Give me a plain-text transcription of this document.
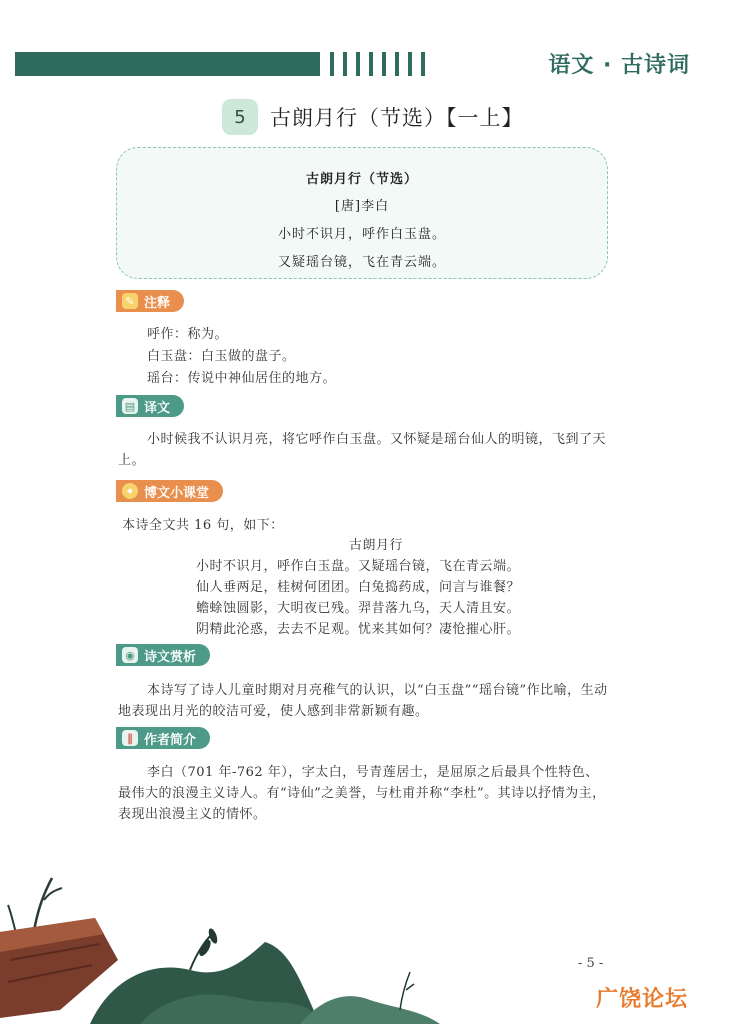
语文 · 古诗词
5	古朗月行（节选）【一上】
古朗月行（节选）
[唐]李白
小时不识月，呼作白玉盘。
又疑瑶台镜，飞在青云端。
✎ 注释
呼作：称为。
白玉盘：白玉做的盘子。
瑶台：传说中神仙居住的地方。
▤ 译文
小时候我不认识月亮，将它呼作白玉盘。又怀疑是瑶台仙人的明镜，飞到了天上。
✦ 博文小课堂
本诗全文共 16 句，如下：
古朗月行
小时不识月，呼作白玉盘。又疑瑶台镜，飞在青云端。
仙人垂两足，桂树何团团。白兔捣药成，问言与谁餐？
蟾蜍蚀圆影，大明夜已残。羿昔落九乌，天人清且安。
阴精此沦惑，去去不足观。忧来其如何？凄怆摧心肝。
◉ 诗文赏析
本诗写了诗人儿童时期对月亮稚气的认识，以“白玉盘”“瑶台镜”作比喻，生动地表现出月光的皎洁可爱，使人感到非常新颖有趣。
∥ 作者简介
李白（701 年-762 年），字太白，号青莲居士，是屈原之后最具个性特色、最伟大的浪漫主义诗人。有“诗仙”之美誉，与杜甫并称“李杜”。其诗以抒情为主，表现出浪漫主义的情怀。
- 5 -
广饶论坛
